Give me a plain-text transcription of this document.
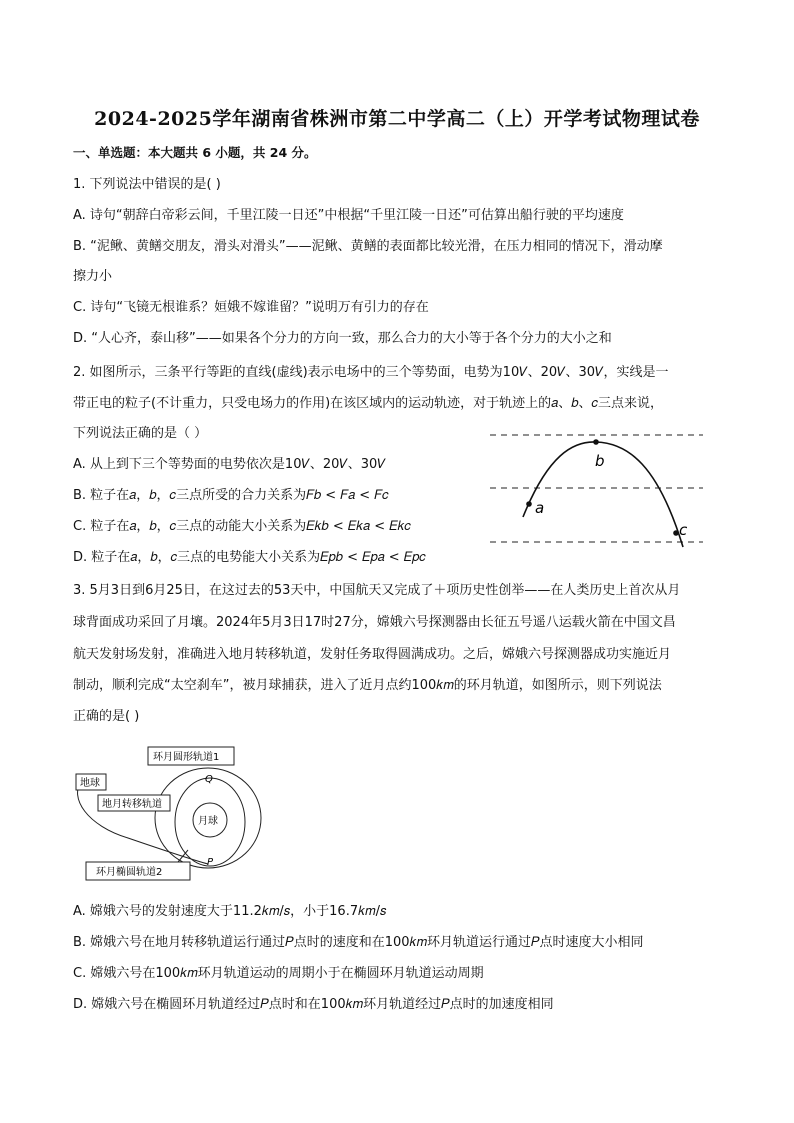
2024-2025学年湖南省株洲市第二中学高二（上）开学考试物理试卷
一、单选题：本大题共 6 小题，共 24 分。
1. 下列说法中错误的是( )
A. 诗句“朝辞白帝彩云间，千里江陵一日还”中根据“千里江陵一日还”可估算出船行驶的平均速度
B. “泥鳅、黄鳝交朋友，滑头对滑头”——泥鳅、黄鳝的表面都比较光滑，在压力相同的情况下，滑动摩
擦力小
C. 诗句“飞镜无根谁系？姮娥不嫁谁留？”说明万有引力的存在
D. “人心齐，泰山移”——如果各个分力的方向一致，那么合力的大小等于各个分力的大小之和
2. 如图所示，三条平行等距的直线(虚线)表示电场中的三个等势面，电势为10𝑉、20𝑉、30𝑉，实线是一
带正电的粒子(不计重力，只受电场力的作用)在该区域内的运动轨迹，对于轨迹上的𝑎、𝑏、𝑐三点来说，
下列说法正确的是（ ）
A. 从上到下三个等势面的电势依次是10𝑉、20𝑉、30𝑉
B. 粒子在𝑎，𝑏，𝑐三点所受的合力关系为𝐹𝑏 < 𝐹𝑎 < 𝐹𝑐
C. 粒子在𝑎，𝑏，𝑐三点的动能大小关系为𝐸𝑘𝑏 < 𝐸𝑘𝑎 < 𝐸𝑘𝑐
D. 粒子在𝑎，𝑏，𝑐三点的电势能大小关系为𝐸𝑝𝑏 < 𝐸𝑝𝑎 < 𝐸𝑝𝑐
a
b
c
3. 5月3日到6月25日，在这过去的53天中，中国航天又完成了＋项历史性创举——在人类历史上首次从月
球背面成功采回了月壤。2024年5月3日17时27分，嫦娥六号探测器由长征五号遥八运载火箭在中国文昌
航天发射场发射，准确进入地月转移轨道，发射任务取得圆满成功。之后，嫦娥六号探测器成功实施近月
制动，顺利完成“太空刹车”，被月球捕获，进入了近月点约100𝑘𝑚的环月轨道，如图所示，则下列说法
正确的是( )
月球
地球
环月圆形轨道1
地月转移轨道
环月椭圆轨道2
Q
P
A. 嫦娥六号的发射速度大于11.2𝑘𝑚/𝑠，小于16.7𝑘𝑚/𝑠
B. 嫦娥六号在地月转移轨道运行通过𝑃点时的速度和在100𝑘𝑚环月轨道运行通过𝑃点时速度大小相同
C. 嫦娥六号在100𝑘𝑚环月轨道运动的周期小于在椭圆环月轨道运动周期
D. 嫦娥六号在椭圆环月轨道经过𝑃点时和在100𝑘𝑚环月轨道经过𝑃点时的加速度相同
